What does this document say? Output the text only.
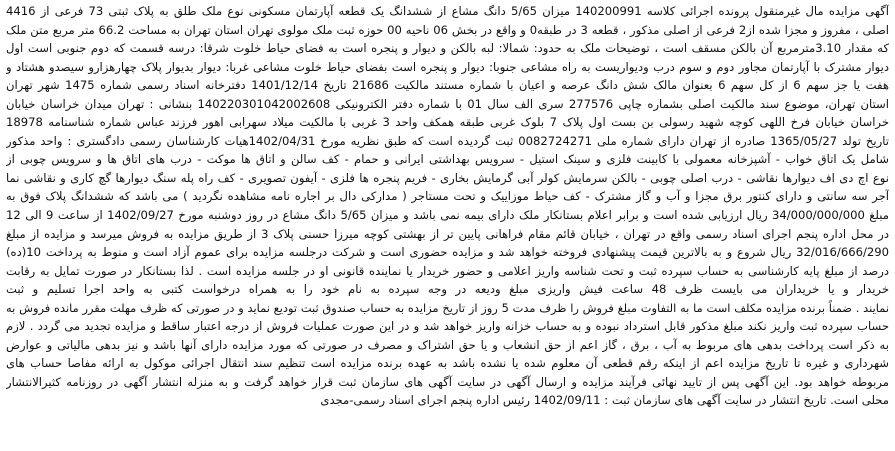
آگهی مزایده مال غیرمنقول پرونده اجرائی کلاسه 140200991 میزان 5/65 دانگ مشاع از ششدانگ یک قطعه آپارتمان مسکونی نوع ملک طلق به پلاک ثبتی 73 فرعی از 4416
اصلی ، مفروز و مجزا شده از2 فرعی از اصلی مذکور ، قطعه 3 در طبقه0 و واقع در بخش 06 ناحیه 00 حوزه ثبت ملک مولوی تهران استان تهران به مساحت 66.2 متر مربع متن ملک
که مقدار 3.10مترمربع آن بالکن مسقف است ، توضیحات ملک به حدود: شمالا: لبه بالکن و دیوار و پنجره است به فضای حیاط خلوت شرقا: درسه قسمت که دوم جنوبی است اول
دیوار مشترک با آپارتمان مجاور دوم و سوم درب ودیواریست به راه مشاعی جنوبا: دیوار و پنجره است بفضای حیاط خلوت مشاعی غربا: دیوار بدیوار پلاک چهارهزارو سیصدو هشتاد و
هفت یا جز سهم 6 از کل سهم 6 بعنوان مالک شش دانگ عرصه و اعیان با شماره مستند مالکیت 21686 تاریخ 1401/12/14 دفترخانه اسناد رسمی شماره 1475 شهر تهران
استان تهران، موضوع سند مالکیت اصلی بشماره چاپی 277576 سری الف سال 01 با شماره دفتر الکترونیکی 140220301042002608 بنشانی : تهران میدان خراسان خیابان
خراسان خیابان فرخ اللهی کوچه شهید رسولی بن بست اول پلاک 7 بلوک غربی طبقه همکف واحد 3 غربی با مالکیت میلاد سهرابی اهور فرزند عباس شماره شناسنامه 18978
تاریخ تولد 1365/05/27 صادره از تهران دارای شماره ملی 0082724271 ثبت گردیده است که طبق نظریه مورخ 1402/04/31هیات کارشناسان رسمی دادگستری : واحد مذکور
شامل یک اتاق خواب - آشپزخانه معمولی با کابینت فلزی و سینک استیل - سرویس بهداشتی ایرانی و حمام - کف سالن و اتاق ها موکت - درب های اتاق ها و سرویس چوبی از
نوع اچ دی اف دیوارها نقاشی - درب اصلی چوبی - بالکن سرمایش کولر آبی گرمایش بخاری - فریم پنجره ها فلزی - آیفون تصویری - کف راه پله سنگ دیوارها گچ کاری و نقاشی نما
آجر سه سانتی و دارای کنتور برق مجزا و آب و گاز مشترک - کف حیاط موزاییک و تحت مستاجر ( مدارکی دال بر اجاره نامه مشاهده نگردید ) می باشد که ششدانگ پلاک فوق به
مبلغ 34/000/000/000 ریال ارزیابی شده است و برابر اعلام بستانکار ملک دارای بیمه نمی باشد و میزان 5/65 دانگ مشاع در روز دوشنبه مورخ 1402/09/27 از ساعت 9 الی 12
در محل اداره پنجم اجرای اسناد رسمی واقع در تهران ، خیابان قائم مقام فراهانی پایین تر از بهشتی کوچه میرزا حسنی پلاک 3 از طریق مزایده به فروش میرسد و مزایده از مبلغ
32/016/666/290 ریال شروع و به بالاترین قیمت پیشنهادی فروخته خواهد شد و مزایده حضوری است و شرکت درجلسه مزایده برای عموم آزاد است و منوط به پرداخت 10(ده)
درصد از مبلغ پایه کارشناسی به حساب سپرده ثبت و تحت شناسه واریز اعلامی و حضور خریدار یا نماینده قانونی او در جلسه مزایده است . لذا بستانکار در صورت تمایل به رقابت
خریدار و یا خریداران می بایست ظرف 48 ساعت فیش واریزی مبلغ ودیعه در وجه سپرده به نام خود را به همراه درخواست کتبی به واحد اجرا تسلیم و ثبت
نمایند . ضمناً برنده مزایده مکلف است ما به التفاوت مبلغ فروش را ظرف مدت 5 روز از تاریخ مزایده به حساب صندوق ثبت تودیع نماید و در صورتی که ظرف مهلت مقرر مانده فروش به
حساب سپرده ثبت واریز نکند مبلغ مذکور قابل استرداد نبوده و به حساب خزانه واریز خواهد شد و در این صورت عملیات فروش از درجه اعتبار ساقط و مزایده تجدید می گردد . لازم
به ذکر است پرداخت بدهی های مربوط به آب ، برق ، گاز اعم از حق انشعاب و یا حق اشتراک و مصرف در صورتی که مورد مزایده دارای آنها باشد و نیز بدهی مالیاتی و عوارض
شهرداری و غیره تا تاریخ مزایده اعم از اینکه رقم قطعی آن معلوم شده یا نشده باشد به عهده برنده مزایده است تنظیم سند انتقال اجرائی موکول به ارائه مفاصا حساب های
مربوطه خواهد بود. این آگهی پس از تایید نهائی فرآیند مزایده و ارسال آگهی در سایت آگهی های سازمان ثبت قرار خواهد گرفت و به منزله انتشار آگهی در روزنامه کثیرالانتشار
محلی است. تاریخ انتشار در سایت آگهی های سازمان ثبت : 1402/09/11 رئیس اداره پنجم اجرای اسناد رسمی-مجدی
